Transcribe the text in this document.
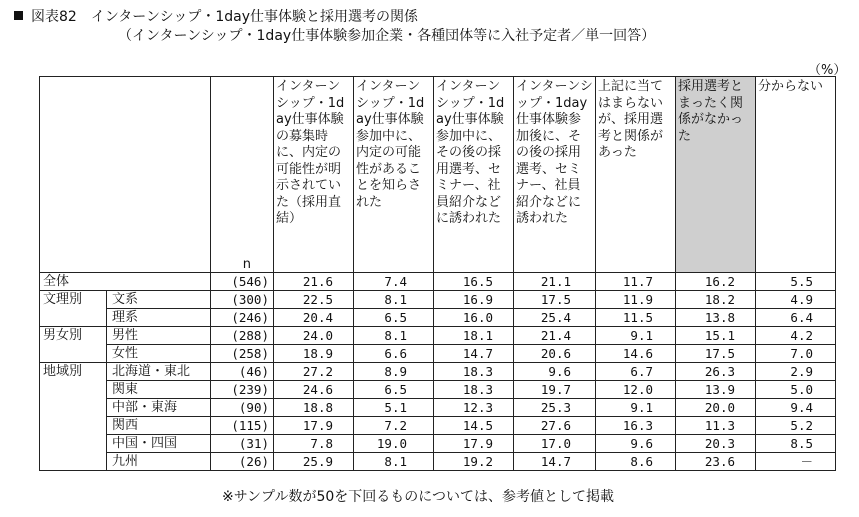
図表82　インターンシップ・1day仕事体験と採用選考の関係
（インターンシップ・1day仕事体験参加企業・各種団体等に入社予定者／単一回答）
（%）
		n	インターンシップ・1day仕事体験の募集時に、内定の可能性が明示されていた（採用直結）	インターンシップ・1day仕事体験参加中に、内定の可能性があることを知らされた	インターンシップ・1day仕事体験参加中に、その後の採用選考、セミナー、社員紹介などに誘われた	インターンシップ・1day仕事体験参加後に、その後の採用選考、セミナー、社員紹介などに誘われた	上記に当てはまらないが、採用選考と関係があった	採用選考とまったく関係がなかった	分からない
全体		(546)	21.6	7.4	16.5	21.1	11.7	16.2	5.5
文理別	文系	(300)	22.5	8.1	16.9	17.5	11.9	18.2	4.9
	理系	(246)	20.4	6.5	16.0	25.4	11.5	13.8	6.4
男女別	男性	(288)	24.0	8.1	18.1	21.4	9.1	15.1	4.2
	女性	(258)	18.9	6.6	14.7	20.6	14.6	17.5	7.0
地域別	北海道・東北	(46)	27.2	8.9	18.3	9.6	6.7	26.3	2.9
	関東	(239)	24.6	6.5	18.3	19.7	12.0	13.9	5.0
	中部・東海	(90)	18.8	5.1	12.3	25.3	9.1	20.0	9.4
	関西	(115)	17.9	7.2	14.5	27.6	16.3	11.3	5.2
	中国・四国	(31)	7.8	19.0	17.9	17.0	9.6	20.3	8.5
	九州	(26)	25.9	8.1	19.2	14.7	8.6	23.6	－
※サンプル数が50を下回るものについては、参考値として掲載
